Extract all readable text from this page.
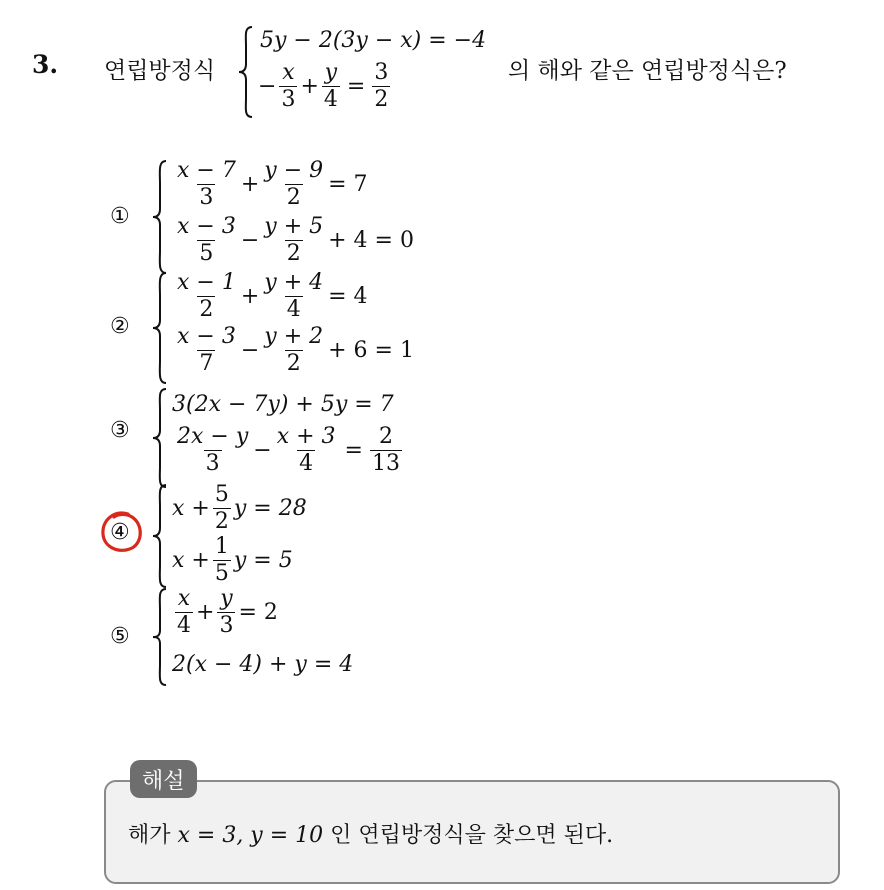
3. 연립방정식
5y − 2(3y − x) = −4
− $\frac{x}{3} + \frac{y}{4} = \frac{3}{2}$	의 해와 같은 연립방정식은?
①
$\frac{x - 7}{3} + \frac{y - 9}{2} = 7$
$\frac{x - 3}{5} - \frac{y + 5}{2} + 4 = 0$
②
$\frac{x - 1}{2} + \frac{y + 4}{4} = 4$
$\frac{x - 3}{7} - \frac{y + 2}{2} + 6 = 1$
③
3(2x − 7y) + 5y = 7
$\frac{2x - y}{3} - \frac{x + 3}{4} = \frac{2}{13}$
④
$x + \frac{5}{2}$ y = 28
$x + \frac{1}{5}$ y = 5
⑤ $\frac{x}{4} + \frac{y}{3} = 2$
2(x − 4) + y = 4
해설
해가 x = 3, y = 10 인 연립방정식을 찾으면 된다.
